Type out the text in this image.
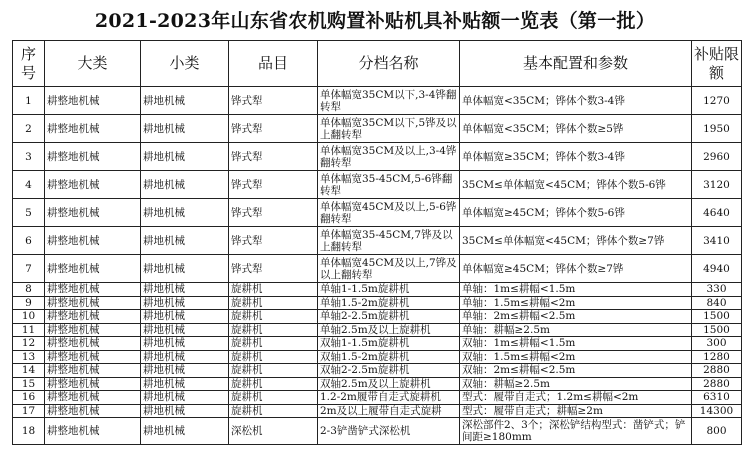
2021-2023年山东省农机购置补贴机具补贴额一览表（第一批）
序号	大类	小类	品目	分档名称	基本配置和参数	补贴限额
1	耕整地机械	耕地机械	铧式犁	单体幅宽35CM以下,3-4铧翻转犁	单体幅宽<35CM；铧体个数3-4铧	1270
2	耕整地机械	耕地机械	铧式犁	单体幅宽35CM以下,5铧及以上翻转犁	单体幅宽<35CM；铧体个数≥5铧	1950
3	耕整地机械	耕地机械	铧式犁	单体幅宽35CM及以上,3-4铧翻转犁	单体幅宽≥35CM；铧体个数3-4铧	2960
4	耕整地机械	耕地机械	铧式犁	单体幅宽35-45CM,5-6铧翻转犁	35CM≤单体幅宽<45CM；铧体个数5-6铧	3120
5	耕整地机械	耕地机械	铧式犁	单体幅宽45CM及以上,5-6铧翻转犁	单体幅宽≥45CM；铧体个数5-6铧	4640
6	耕整地机械	耕地机械	铧式犁	单体幅宽35-45CM,7铧及以上翻转犁	35CM≤单体幅宽<45CM；铧体个数≥7铧	3410
7	耕整地机械	耕地机械	铧式犁	单体幅宽45CM及以上,7铧及以上翻转犁	单体幅宽≥45CM；铧体个数≥7铧	4940
8	耕整地机械	耕地机械	旋耕机	单轴1-1.5m旋耕机	单轴：1m≤耕幅<1.5m	330
9	耕整地机械	耕地机械	旋耕机	单轴1.5-2m旋耕机	单轴：1.5m≤耕幅<2m	840
10	耕整地机械	耕地机械	旋耕机	单轴2-2.5m旋耕机	单轴：2m≤耕幅<2.5m	1500
11	耕整地机械	耕地机械	旋耕机	单轴2.5m及以上旋耕机	单轴：耕幅≥2.5m	1500
12	耕整地机械	耕地机械	旋耕机	双轴1-1.5m旋耕机	双轴：1m≤耕幅<1.5m	300
13	耕整地机械	耕地机械	旋耕机	双轴1.5-2m旋耕机	双轴：1.5m≤耕幅<2m	1280
14	耕整地机械	耕地机械	旋耕机	双轴2-2.5m旋耕机	双轴：2m≤耕幅<2.5m	2880
15	耕整地机械	耕地机械	旋耕机	双轴2.5m及以上旋耕机	双轴：耕幅≥2.5m	2880
16	耕整地机械	耕地机械	旋耕机	1.2-2m履带自走式旋耕机	型式：履带自走式；1.2m≤耕幅<2m	6310
17	耕整地机械	耕地机械	旋耕机	2m及以上履带自走式旋耕	型式：履带自走式；耕幅≥2m	14300
18	耕整地机械	耕地机械	深松机	2-3铲凿铲式深松机	深松部件2、3个；深松铲结构型式：凿铲式；铲间距≥180mm	800
